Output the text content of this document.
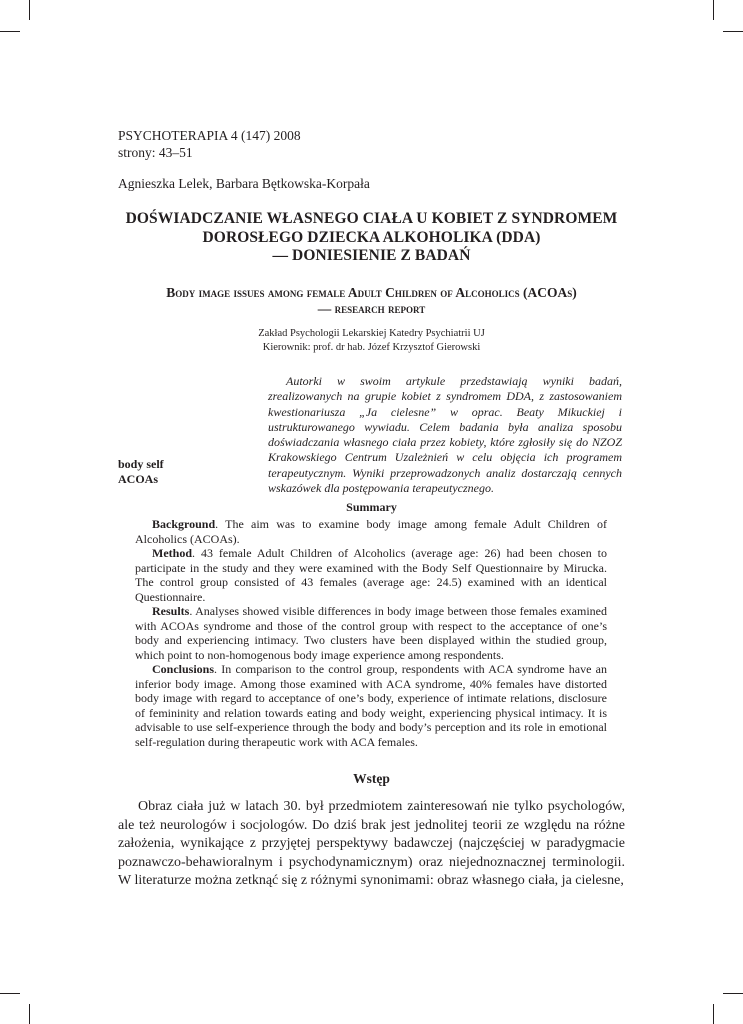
PSYCHOTERAPIA 4 (147) 2008
strony: 43–51
Agnieszka Lelek, Barbara Bętkowska-Korpała
DOŚWIADCZANIE WŁASNEGO CIAŁA U KOBIET Z SYNDROMEM
DOROSŁEGO DZIECKA ALKOHOLIKA (DDA)
— DONIESIENIE Z BADAŃ
Body image issues among female Adult Children of Alcoholics (ACOAs)
— research report
Zakład Psychologii Lekarskiej Katedry Psychiatrii UJ
Kierownik: prof. dr hab. Józef Krzysztof Gierowski
Autorki w swoim artykule przedstawiają wyniki badań, zrealizowanych na grupie kobiet z syndromem DDA, z zastosowaniem kwestionariusza „Ja cielesne” w oprac. Beaty Mikuckiej i ustrukturowanego wywiadu. Celem badania była analiza sposobu doświadczania własnego ciała przez kobiety, które zgłosiły się do NZOZ Krakowskiego Centrum Uzależnień w celu objęcia ich programem terapeutycznym. Wyniki przeprowadzonych analiz dostarczają cennych wskazówek dla postępowania terapeutycznego.
body self
ACOAs
Summary

Background. The aim was to examine body image among female Adult Children of Alcoholics (ACOAs).

Method. 43 female Adult Children of Alcoholics (average age: 26) had been chosen to participate in the study and they were examined with the Body Self Questionnaire by Mirucka. The control group consisted of 43 females (average age: 24.5) examined with an identical Questionnaire.

Results. Analyses showed visible differences in body image between those females examined with ACOAs syndrome and those of the control group with respect to the acceptance of one’s body and experiencing intimacy. Two clusters have been displayed within the studied group, which point to non-homogenous body image experience among respondents.

Conclusions. In comparison to the control group, respondents with ACA syndrome have an inferior body image. Among those examined with ACA syndrome, 40% females have distorted body image with regard to acceptance of one’s body, experience of intimate relations, disclosure of femininity and relation towards eating and body weight, experiencing physical intimacy. It is advisable to use self-experience through the body and body’s perception and its role in emotional self-regulation during therapeutic work with ACA females.

Wstęp

Obraz ciała już w latach 30. był przedmiotem zainteresowań nie tylko psychologów, ale też neurologów i socjologów. Do dziś brak jest jednolitej teorii ze względu na różne założenia, wynikające z przyjętej perspektywy badawczej (najczęściej w paradygmacie poznawczo-behawioralnym i psychodynamicznym) oraz niejednoznacznej terminologii. W literaturze można zetknąć się z różnymi synonimami: obraz własnego ciała, ja cielesne,
